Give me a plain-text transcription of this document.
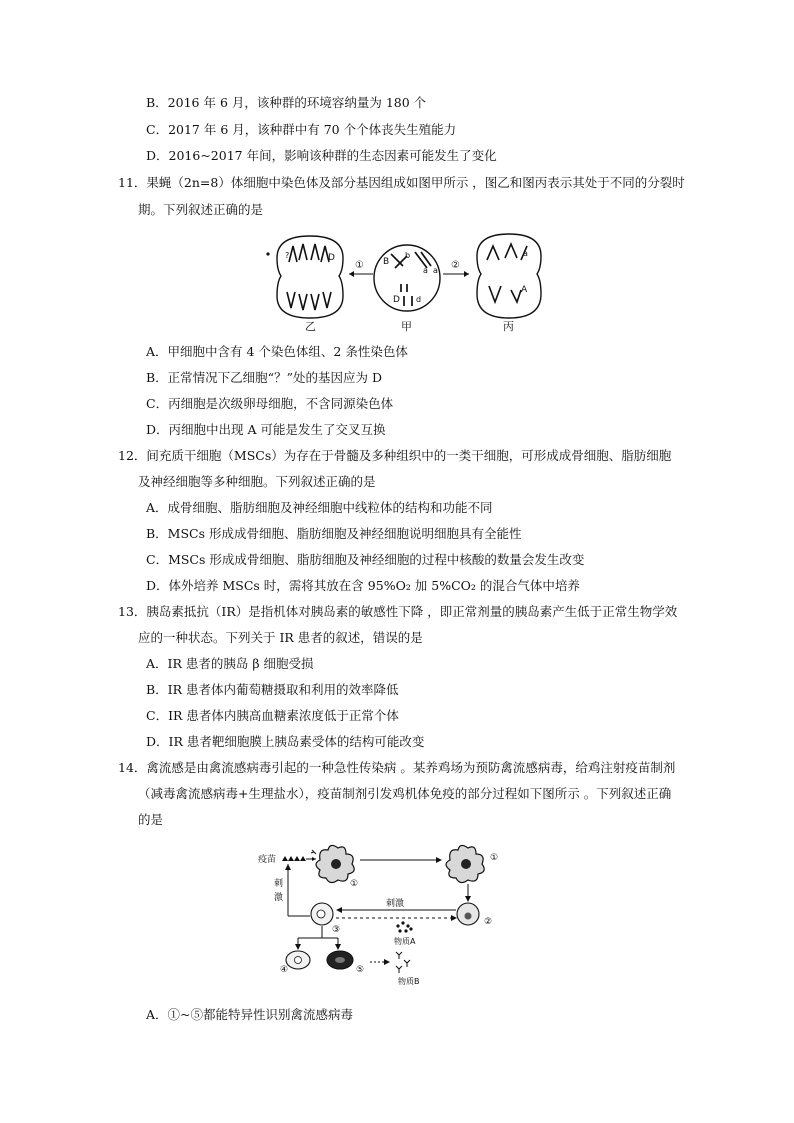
B．2016 年 6 月，该种群的环境容纳量为 180 个
C．2017 年 6 月，该种群中有 70 个个体丧失生殖能力
D．2016~2017 年间，影响该种群的生态因素可能发生了变化
11．果蝇（2n=8）体细胞中染色体及部分基因组成如图甲所示 ，图乙和图丙表示其处于不同的分裂时
期。下列叙述正确的是
?	D
① B
b
a a
D d
②
a
A
乙	甲	丙
A．甲细胞中含有 4 个染色体组、2 条性染色体
B．正常情况下乙细胞“？”处的基因应为 D
C．丙细胞是次级卵母细胞，不含同源染色体
D．丙细胞中出现 A 可能是发生了交叉互换
12．间充质干细胞（MSCs）为存在于骨髓及多种组织中的一类干细胞，可形成成骨细胞、脂肪细胞
及神经细胞等多种细胞。下列叙述正确的是
A．成骨细胞、脂肪细胞及神经细胞中线粒体的结构和功能不同
B．MSCs 形成成骨细胞、脂肪细胞及神经细胞说明细胞具有全能性
C．MSCs 形成成骨细胞、脂肪细胞及神经细胞的过程中核酸的数量会发生改变
D．体外培养 MSCs 时，需将其放在含 95%O₂ 加 5%CO₂ 的混合气体中培养
13．胰岛素抵抗（IR）是指机体对胰岛素的敏感性下降 ，即正常剂量的胰岛素产生低于正常生物学效
应的一种状态。下列关于 IR 患者的叙述，错误的是
A．IR 患者的胰岛 β 细胞受损
B．IR 患者体内葡萄糖摄取和利用的效率降低
C．IR 患者体内胰高血糖素浓度低于正常个体
D．IR 患者靶细胞膜上胰岛素受体的结构可能改变
14．禽流感是由禽流感病毒引起的一种急性传染病 。某养鸡场为预防禽流感病毒，给鸡注射疫苗制剂
（减毒禽流感病毒+生理盐水），疫苗制剂引发鸡机体免疫的部分过程如下图所示 。下列叙述正确
的是
疫苗
①
①
②
③
刺激
物质A
刺
激
④	⑤
物质B
A．①~⑤都能特异性识别禽流感病毒
